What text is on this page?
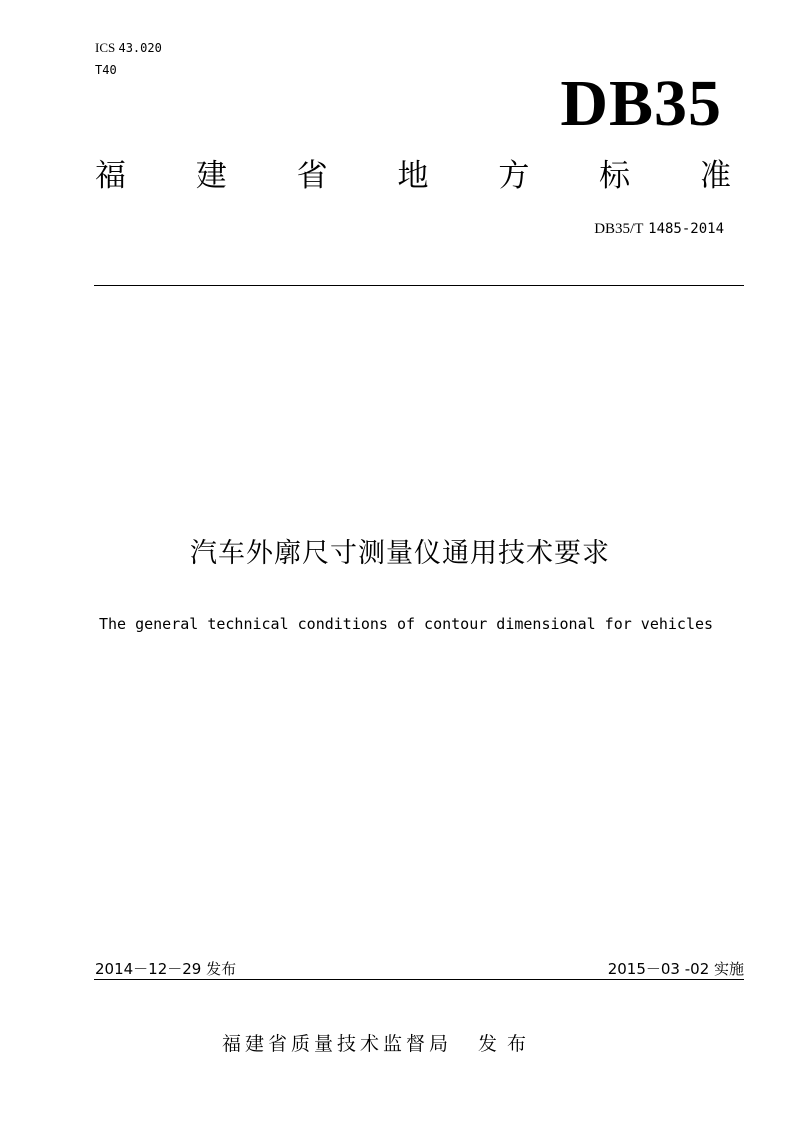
ICS 43.020
T40	DB35
福 建 省 地 方 标 准
DB35/T 1485-2014
汽车外廓尺寸测量仪通用技术要求
The general technical conditions of contour dimensional for vehicles
2014－12－29 发布	2015－03 -02 实施
福建省质量技术监督局 发布
